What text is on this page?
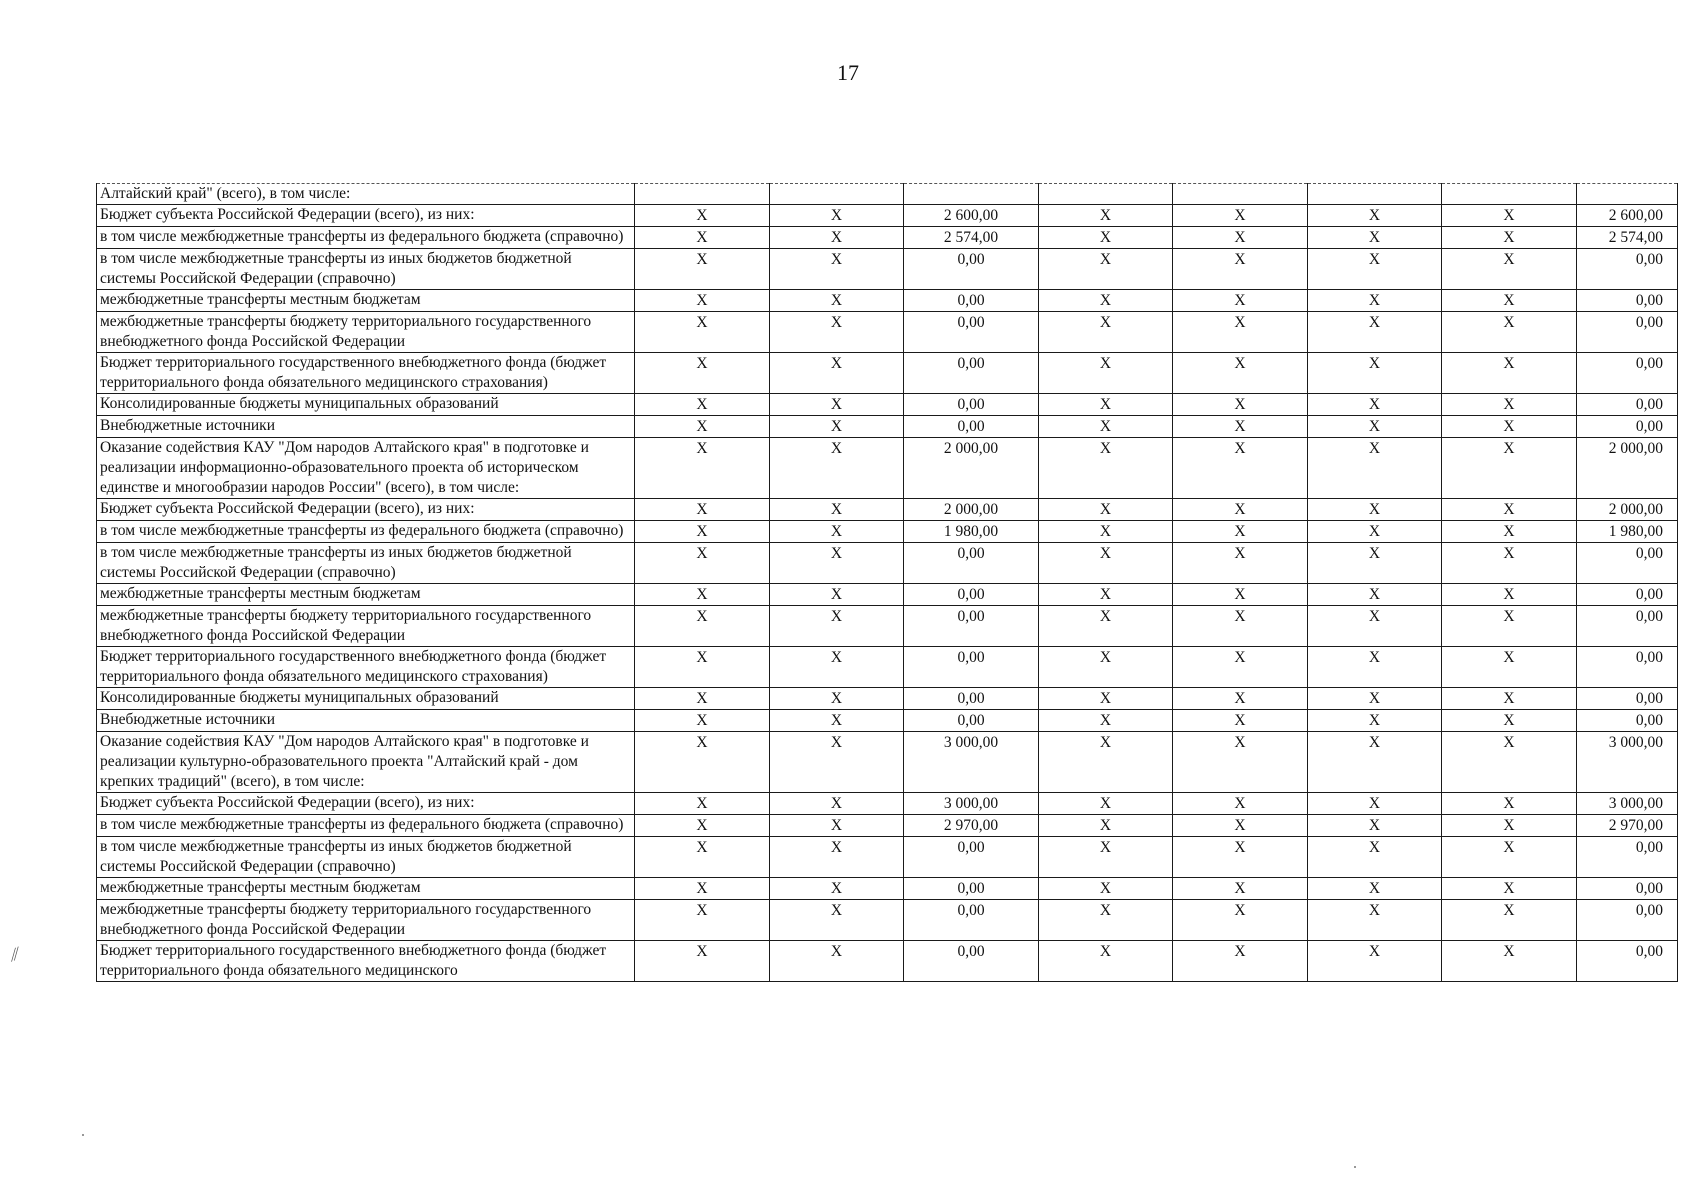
17
∕∕
Алтайский край" (всего), в том числе:								
Бюджет субъекта Российской Федерации (всего), из них:	X	X	2 600,00	X	X	X	X	2 600,00
в том числе межбюджетные трансферты из федерального бюджета (справочно)	X	X	2 574,00	X	X	X	X	2 574,00
в том числе межбюджетные трансферты из иных бюджетов бюджетной системы Российской Федерации (справочно)	X	X	0,00	X	X	X	X	0,00
межбюджетные трансферты местным бюджетам	X	X	0,00	X	X	X	X	0,00
межбюджетные трансферты бюджету территориального государственного внебюджетного фонда Российской Федерации	X	X	0,00	X	X	X	X	0,00
Бюджет территориального государственного внебюджетного фонда (бюджет территориального фонда обязательного медицинского страхования)	X	X	0,00	X	X	X	X	0,00
Консолидированные бюджеты муниципальных образований	X	X	0,00	X	X	X	X	0,00
Внебюджетные источники	X	X	0,00	X	X	X	X	0,00
Оказание содействия КАУ "Дом народов Алтайского края" в подготовке и реализации информационно-образовательного проекта об историческом единстве и многообразии народов России" (всего), в том числе:	X	X	2 000,00	X	X	X	X	2 000,00
Бюджет субъекта Российской Федерации (всего), из них:	X	X	2 000,00	X	X	X	X	2 000,00
в том числе межбюджетные трансферты из федерального бюджета (справочно)	X	X	1 980,00	X	X	X	X	1 980,00
в том числе межбюджетные трансферты из иных бюджетов бюджетной системы Российской Федерации (справочно)	X	X	0,00	X	X	X	X	0,00
межбюджетные трансферты местным бюджетам	X	X	0,00	X	X	X	X	0,00
межбюджетные трансферты бюджету территориального государственного внебюджетного фонда Российской Федерации	X	X	0,00	X	X	X	X	0,00
Бюджет территориального государственного внебюджетного фонда (бюджет территориального фонда обязательного медицинского страхования)	X	X	0,00	X	X	X	X	0,00
Консолидированные бюджеты муниципальных образований	X	X	0,00	X	X	X	X	0,00
Внебюджетные источники	X	X	0,00	X	X	X	X	0,00
Оказание содействия КАУ "Дом народов Алтайского края" в подготовке и реализации культурно-образовательного проекта "Алтайский край - дом крепких традиций" (всего), в том числе:	X	X	3 000,00	X	X	X	X	3 000,00
Бюджет субъекта Российской Федерации (всего), из них:	X	X	3 000,00	X	X	X	X	3 000,00
в том числе межбюджетные трансферты из федерального бюджета (справочно)	X	X	2 970,00	X	X	X	X	2 970,00
в том числе межбюджетные трансферты из иных бюджетов бюджетной системы Российской Федерации (справочно)	X	X	0,00	X	X	X	X	0,00
межбюджетные трансферты местным бюджетам	X	X	0,00	X	X	X	X	0,00
межбюджетные трансферты бюджету территориального государственного внебюджетного фонда Российской Федерации	X	X	0,00	X	X	X	X	0,00
Бюджет территориального государственного внебюджетного фонда (бюджет территориального фонда обязательного медицинского	X	X	0,00	X	X	X	X	0,00
